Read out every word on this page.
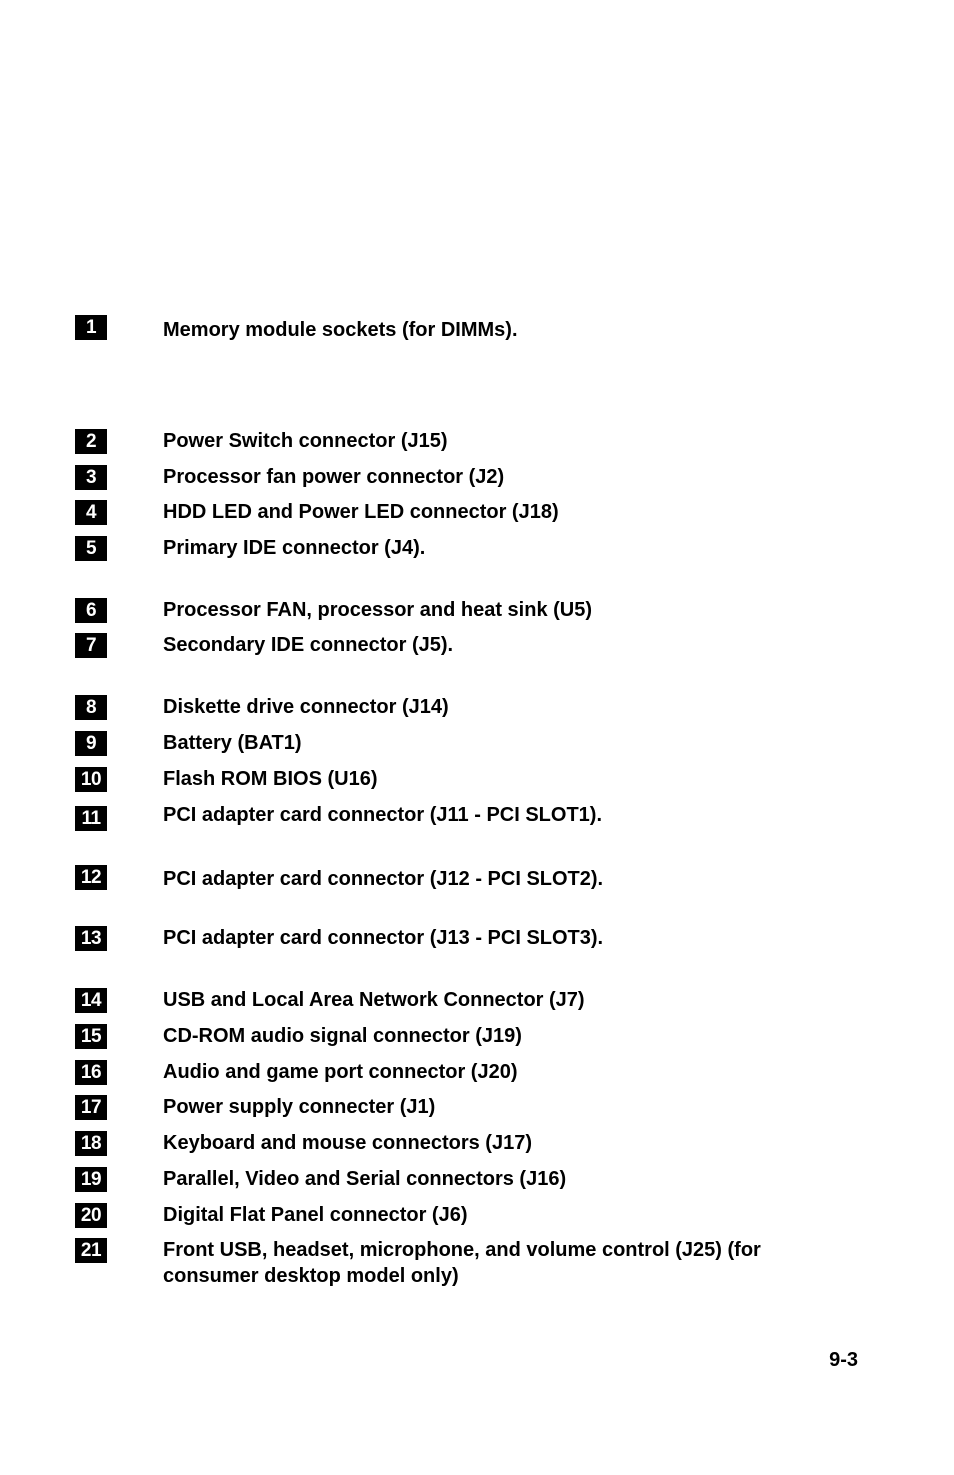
1	Memory module sockets (for DIMMs).
2	Power Switch connector (J15)
3	Processor fan power connector (J2)
4	HDD LED and Power LED connector (J18)
5	Primary IDE connector (J4).
6	Processor FAN, processor and heat sink (U5)
7	Secondary IDE connector (J5).
8	Diskette drive connector (J14)
9	Battery (BAT1)
10	Flash ROM BIOS (U16)
11	PCI adapter card connector (J11 - PCI SLOT1).
12	PCI adapter card connector (J12 - PCI SLOT2).
13	PCI adapter card connector (J13 - PCI SLOT3).
14	USB and Local Area Network Connector (J7)
15	CD-ROM audio signal connector (J19)
16	Audio and game port connector (J20)
17	Power supply connecter (J1)
18	Keyboard and mouse connectors (J17)
19	Parallel, Video and Serial connectors (J16)
20	Digital Flat Panel connector (J6)
21	Front USB, headset, microphone, and volume control (J25) (for consumer desktop model only)
9-3
